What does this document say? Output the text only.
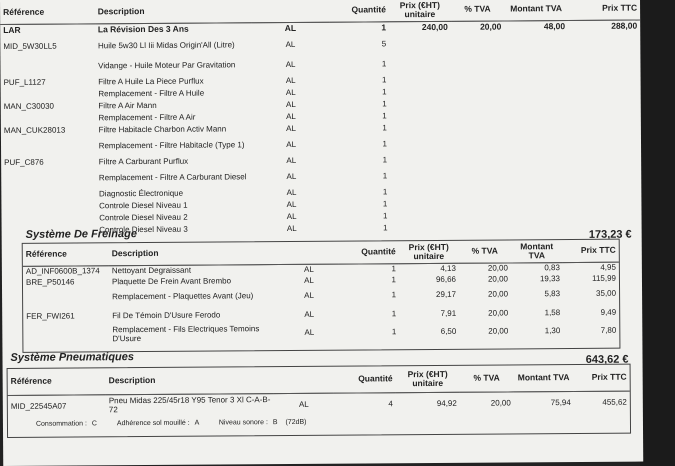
Référence	Description		Quantité	Prix (€HT) unitaire	% TVA	Montant TVA	Prix TTC
LAR	La Révision Des 3 Ans	AL	1	240,00	20,00	48,00	288,00
MID_5W30LL5	Huile 5w30 Ll Iii Midas Origin'All (Litre)	AL	5				
	Vidange - Huile Moteur Par Gravitation	AL	1				
PUF_L1127	Filtre A Huile La Piece Purflux	AL	1				
	Remplacement - Filtre A Huile	AL	1				
MAN_C30030	Filtre A Air Mann	AL	1				
	Remplacement - Filtre A Air	AL	1				
MAN_CUK28013	Filtre Habitacle Charbon Activ Mann	AL	1				
	Remplacement - Filtre Habitacle (Type 1)	AL	1				
PUF_C876	Filtre A Carburant Purflux	AL	1				
	Remplacement - Filtre A Carburant Diesel	AL	1				
	Diagnostic Électronique	AL	1				
	Controle Diesel Niveau 1	AL	1				
	Controle Diesel Niveau 2	AL	1				
	Controle Diesel Niveau 3	AL	1				
Système De Freinage	173,23 €
Référence	Description		Quantité	Prix (€HT) unitaire	% TVA	Montant TVA	Prix TTC
AD_INF0600B_1374	Nettoyant Degraissant	AL	1	4,13	20,00	0,83	4,95
BRE_P50146	Plaquette De Frein Avant Brembo	AL	1	96,66	20,00	19,33	115,99
	Remplacement - Plaquettes Avant (Jeu)	AL	1	29,17	20,00	5,83	35,00
FER_FWI261	Fil De Témoin D'Usure Ferodo	AL	1	7,91	20,00	1,58	9,49
	Remplacement - Fils Electriques Temoins D'Usure	AL	1	6,50	20,00	1,30	7,80
Système Pneumatiques	643,62 €
Référence	Description		Quantité	Prix (€HT) unitaire	% TVA	Montant TVA	Prix TTC
MID_22545A07	Pneu Midas 225/45r18 Y95 Tenor 3 Xl C-A-B-72	AL	4	94,92	20,00	75,94	455,62
Consommation : C	Adhérence sol mouillé : A	Niveau sonore : B (72dB)
